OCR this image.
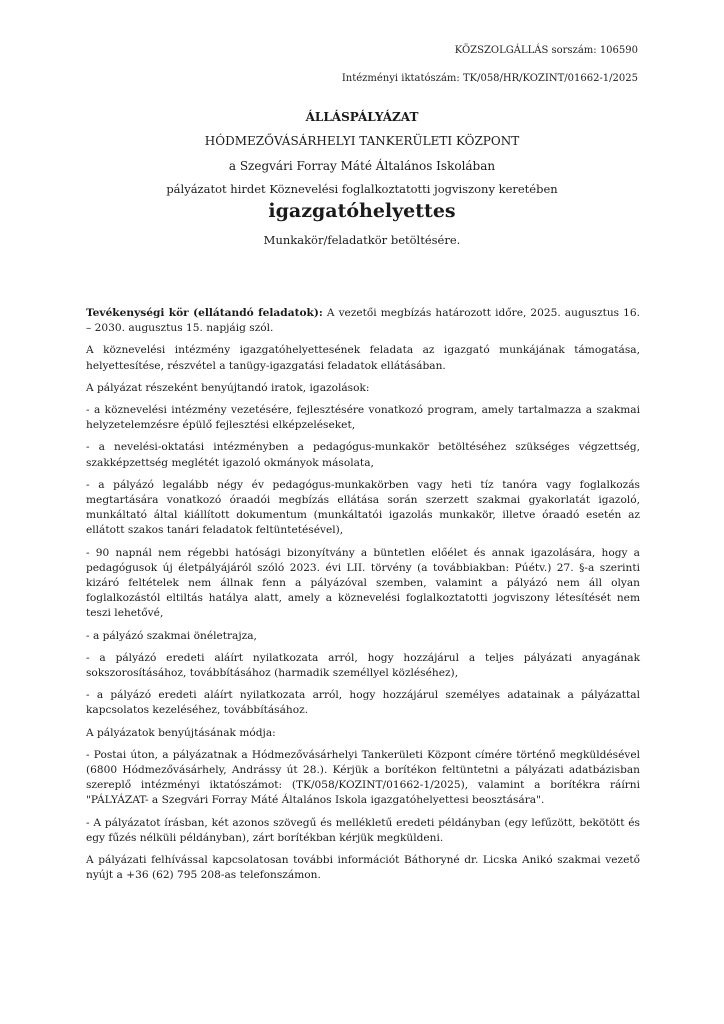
KÖZSZOLGÁLLÁS sorszám: 106590
Intézményi iktatószám: TK/058/HR/KOZINT/01662-1/2025
ÁLLÁSPÁLYÁZAT
HÓDMEZŐVÁSÁRHELYI TANKERÜLETI KÖZPONT
a Szegvári Forray Máté Általános Iskolában
pályázatot hirdet Köznevelési foglalkoztatotti jogviszony keretében
igazgatóhelyettes
Munkakör/feladatkör betöltésére.

Tevékenységi kör (ellátandó feladatok): A vezetői megbízás határozott időre, 2025. augusztus 16. – 2030. augusztus 15. napjáig szól.

A köznevelési intézmény igazgatóhelyettesének feladata az igazgató munkájának támogatása, helyettesítése, részvétel a tanügy-igazgatási feladatok ellátásában.

A pályázat részeként benyújtandó iratok, igazolások:

- a köznevelési intézmény vezetésére, fejlesztésére vonatkozó program, amely tartalmazza a szakmai helyzetelemzésre épülő fejlesztési elképzeléseket,

- a nevelési-oktatási intézményben a pedagógus-munkakör betöltéséhez szükséges végzettség, szakképzettség meglétét igazoló okmányok másolata,

- a pályázó legalább négy év pedagógus-munkakörben vagy heti tíz tanóra vagy foglalkozás megtartására vonatkozó óraadói megbízás ellátása során szerzett szakmai gyakorlatát igazoló, munkáltató által kiállított dokumentum (munkáltatói igazolás munkakör, illetve óraadó esetén az ellátott szakos tanári feladatok feltüntetésével),

- 90 napnál nem régebbi hatósági bizonyítvány a büntetlen előélet és annak igazolására, hogy a pedagógusok új életpályájáról szóló 2023. évi LII. törvény (a továbbiakban: Púétv.) 27. §-a szerinti kizáró feltételek nem állnak fenn a pályázóval szemben, valamint a pályázó nem áll olyan foglalkozástól eltiltás hatálya alatt, amely a köznevelési foglalkoztatotti jogviszony létesítését nem teszi lehetővé,

- a pályázó szakmai önéletrajza,

- a pályázó eredeti aláírt nyilatkozata arról, hogy hozzájárul a teljes pályázati anyagának sokszorosításához, továbbításához (harmadik személlyel közléséhez),

- a pályázó eredeti aláírt nyilatkozata arról, hogy hozzájárul személyes adatainak a pályázattal kapcsolatos kezeléséhez, továbbításához.

A pályázatok benyújtásának módja:

- Postai úton, a pályázatnak a Hódmezővásárhelyi Tankerületi Központ címére történő megküldésével (6800 Hódmezővásárhely, Andrássy út 28.). Kérjük a borítékon feltüntetni a pályázati adatbázisban szereplő intézményi iktatószámot: (TK/058/KOZINT/01662-1/2025), valamint a borítékra ráírni "PÁLYÁZAT- a Szegvári Forray Máté Általános Iskola igazgatóhelyettesi beosztására".

- A pályázatot írásban, két azonos szövegű és mellékletű eredeti példányban (egy lefűzött, bekötött és egy fűzés nélküli példányban), zárt borítékban kérjük megküldeni.

A pályázati felhívással kapcsolatosan további információt Báthoryné dr. Licska Anikó szakmai vezető nyújt a +36 (62) 795 208-as telefonszámon.
